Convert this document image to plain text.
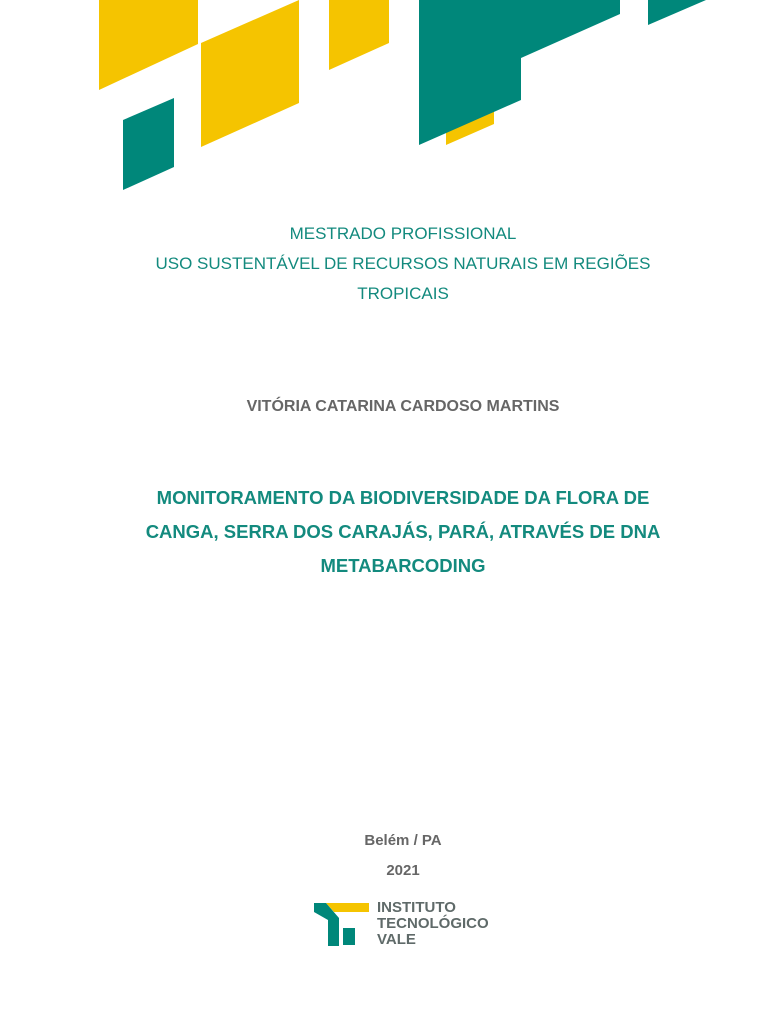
MESTRADO PROFISSIONAL
USO SUSTENTÁVEL DE RECURSOS NATURAIS EM REGIÕES
TROPICAIS
VITÓRIA CATARINA CARDOSO MARTINS
MONITORAMENTO DA BIODIVERSIDADE DA FLORA DE
CANGA, SERRA DOS CARAJÁS, PARÁ, ATRAVÉS DE DNA
METABARCODING
Belém / PA
2021
INSTITUTO
TECNOLÓGICO
VALE
